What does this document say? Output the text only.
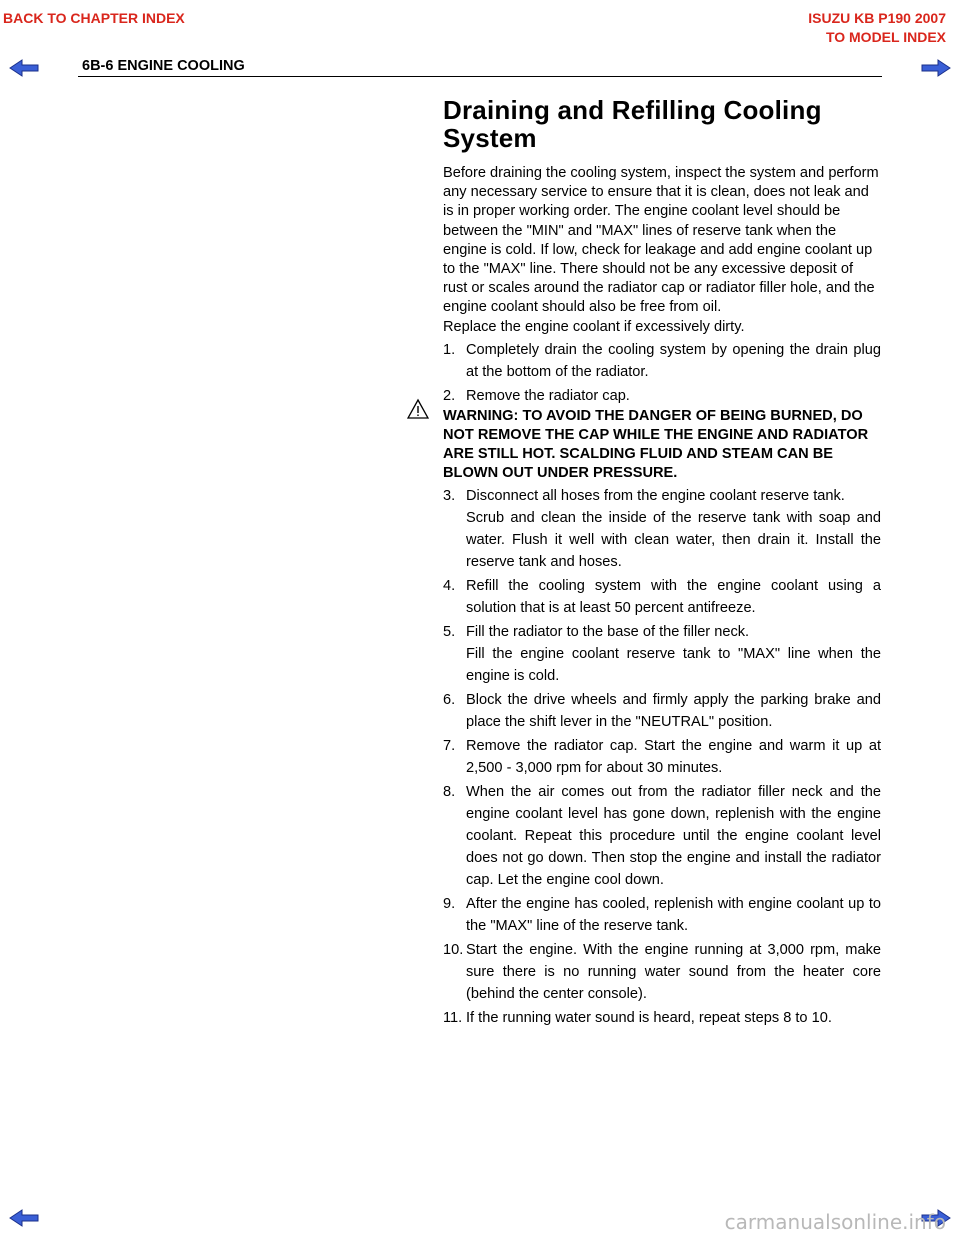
BACK TO CHAPTER INDEX	ISUZU KB P190 2007
TO MODEL INDEX
6B-6 ENGINE COOLING
Draining and Refilling Cooling System

Before draining the cooling system, inspect the system and perform any necessary service to ensure that it is clean, does not leak and is in proper working order. The engine coolant level should be between the "MIN" and "MAX" lines of reserve tank when the engine is cold. If low, check for leakage and add engine coolant up to the "MAX" line. There should not be any excessive deposit of rust or scales around the radiator cap or radiator filler hole, and the engine coolant should also be free from oil.

Replace the engine coolant if excessively dirty.

1. Completely drain the cooling system by opening the drain plug at the bottom of the radiator.
2. Remove the radiator cap.

WARNING: TO AVOID THE DANGER OF BEING BURNED, DO NOT REMOVE THE CAP WHILE THE ENGINE AND RADIATOR ARE STILL HOT. SCALDING FLUID AND STEAM CAN BE BLOWN OUT UNDER PRESSURE.

3. Disconnect all hoses from the engine coolant reserve tank.

Scrub and clean the inside of the reserve tank with soap and water. Flush it well with clean water, then drain it. Install the reserve tank and hoses.

4. Refill the cooling system with the engine coolant using a solution that is at least 50 percent antifreeze.
5. Fill the radiator to the base of the filler neck.

Fill the engine coolant reserve tank to "MAX" line when the engine is cold.

6. Block the drive wheels and firmly apply the parking brake and place the shift lever in the "NEUTRAL" position.
7. Remove the radiator cap. Start the engine and warm it up at 2,500 - 3,000 rpm for about 30 minutes.
8. When the air comes out from the radiator filler neck and the engine coolant level has gone down, replenish with the engine coolant. Repeat this procedure until the engine coolant level does not go down. Then stop the engine and install the radiator cap. Let the engine cool down.
9. After the engine has cooled, replenish with engine coolant up to the "MAX" line of the reserve tank.
10. Start the engine. With the engine running at 3,000 rpm, make sure there is no running water sound from the heater core (behind the center console).
11. If the running water sound is heard, repeat steps 8 to 10.
carmanualsonline.info
